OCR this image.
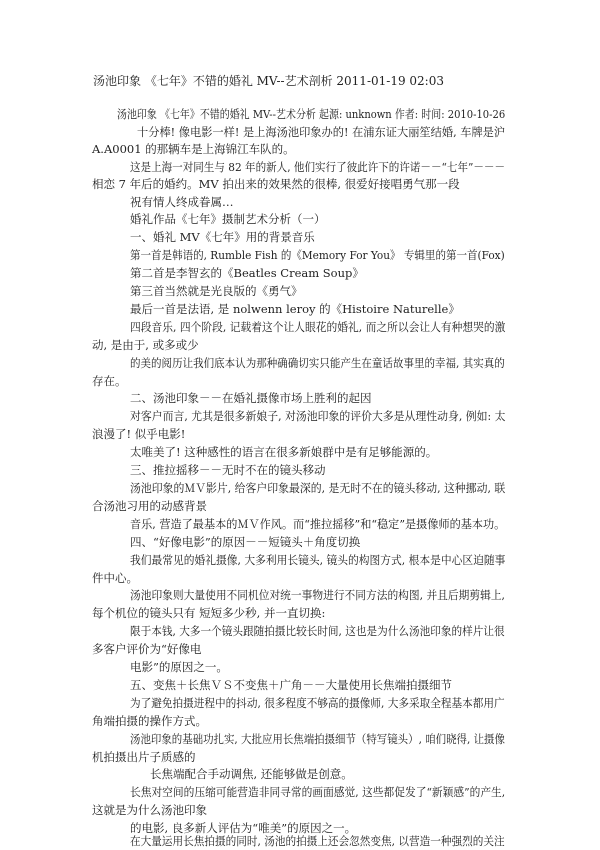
汤池印象 《七年》不错的婚礼 MV--艺术剖析 2011-01-19 02:03
汤池印象 《七年》不错的婚礼 MV--艺术分析 起源: unknown 作者: 时间: 2010-10-26
十分棒! 像电影一样! 是上海汤池印象办的! 在浦东证大丽笙结婚, 车牌是沪
A.A0001 的那辆车是上海锦江车队的。
这是上海一对同生与 82 年的新人, 他们实行了彼此许下的许诺－－“七年”－－－
相恋 7 年后的婚约。MV 拍出来的效果然的很棒, 很爱好接唱勇气那一段
祝有情人终成眷属…
婚礼作品《七年》摄制艺术分析（一）
一、婚礼 MV《七年》用的背景音乐
第一首是韩语的, Rumble Fish 的《Memory For You》 专辑里的第一首(Fox)
第二首是李智玄的《Beatles Cream Soup》
第三首当然就是光良版的《勇气》
最后一首是法语, 是 nolwenn leroy 的《Histoire Naturelle》
四段音乐, 四个阶段, 记载着这个让人眼花的婚礼, 而之所以会让人有种想哭的激
动, 是由于, 或多或少
的美的阅历让我们底本认为那种确确切实只能产生在童话故事里的幸福, 其实真的
存在。
二、汤池印象－－在婚礼摄像市场上胜利的起因
对客户而言, 尤其是很多新娘子, 对汤池印象的评价大多是从理性动身, 例如: 太
浪漫了! 似乎电影!
太唯美了! 这种感性的语言在很多新娘群中是有足够能源的。
三、推拉摇移－－无时不在的镜头移动
汤池印象的ＭＶ影片, 给客户印象最深的, 是无时不在的镜头移动, 这种挪动, 联
合汤池习用的动感背景
音乐, 营造了最基本的ＭＶ作风。而“推拉摇移”和“稳定”是摄像师的基本功。
四、“好像电影”的原因－－短镜头＋角度切换
我们最常见的婚礼摄像, 大多利用长镜头, 镜头的构图方式, 根本是中心区迫随事
件中心。
汤池印象则大量使用不同机位对统一事物进行不同方法的构图, 并且后期剪辑上,
每个机位的镜头只有 短短多少秒, 并一直切换:
限于本钱, 大多一个镜头跟随拍摄比较长时间, 这也是为什么汤池印象的样片让很
多客户评价为“好像电
电影”的原因之一。
五、变焦＋长焦ＶＳ不变焦＋广角－－大量使用长焦端拍摄细节
为了避免拍摄进程中的抖动, 很多程度不够高的摄像师, 大多采取全程基本都用广
角端拍摄的操作方式。
汤池印象的基础功扎实, 大批应用长焦端拍摄细节（特写镜头）, 咱们晓得, 让摄像
机拍摄出片子质感的
长焦端配合手动调焦, 还能够做是创意。
长焦对空间的压缩可能营造非同寻常的画面感觉, 这些都促发了“新颖感”的产生,
这就是为什么汤池印象
的电影, 良多新人评估为“唯美”的原因之一。
在大量运用长焦拍摄的同时, 汤池的拍摄上还会忽然变焦, 以营造一种强烈的关注
